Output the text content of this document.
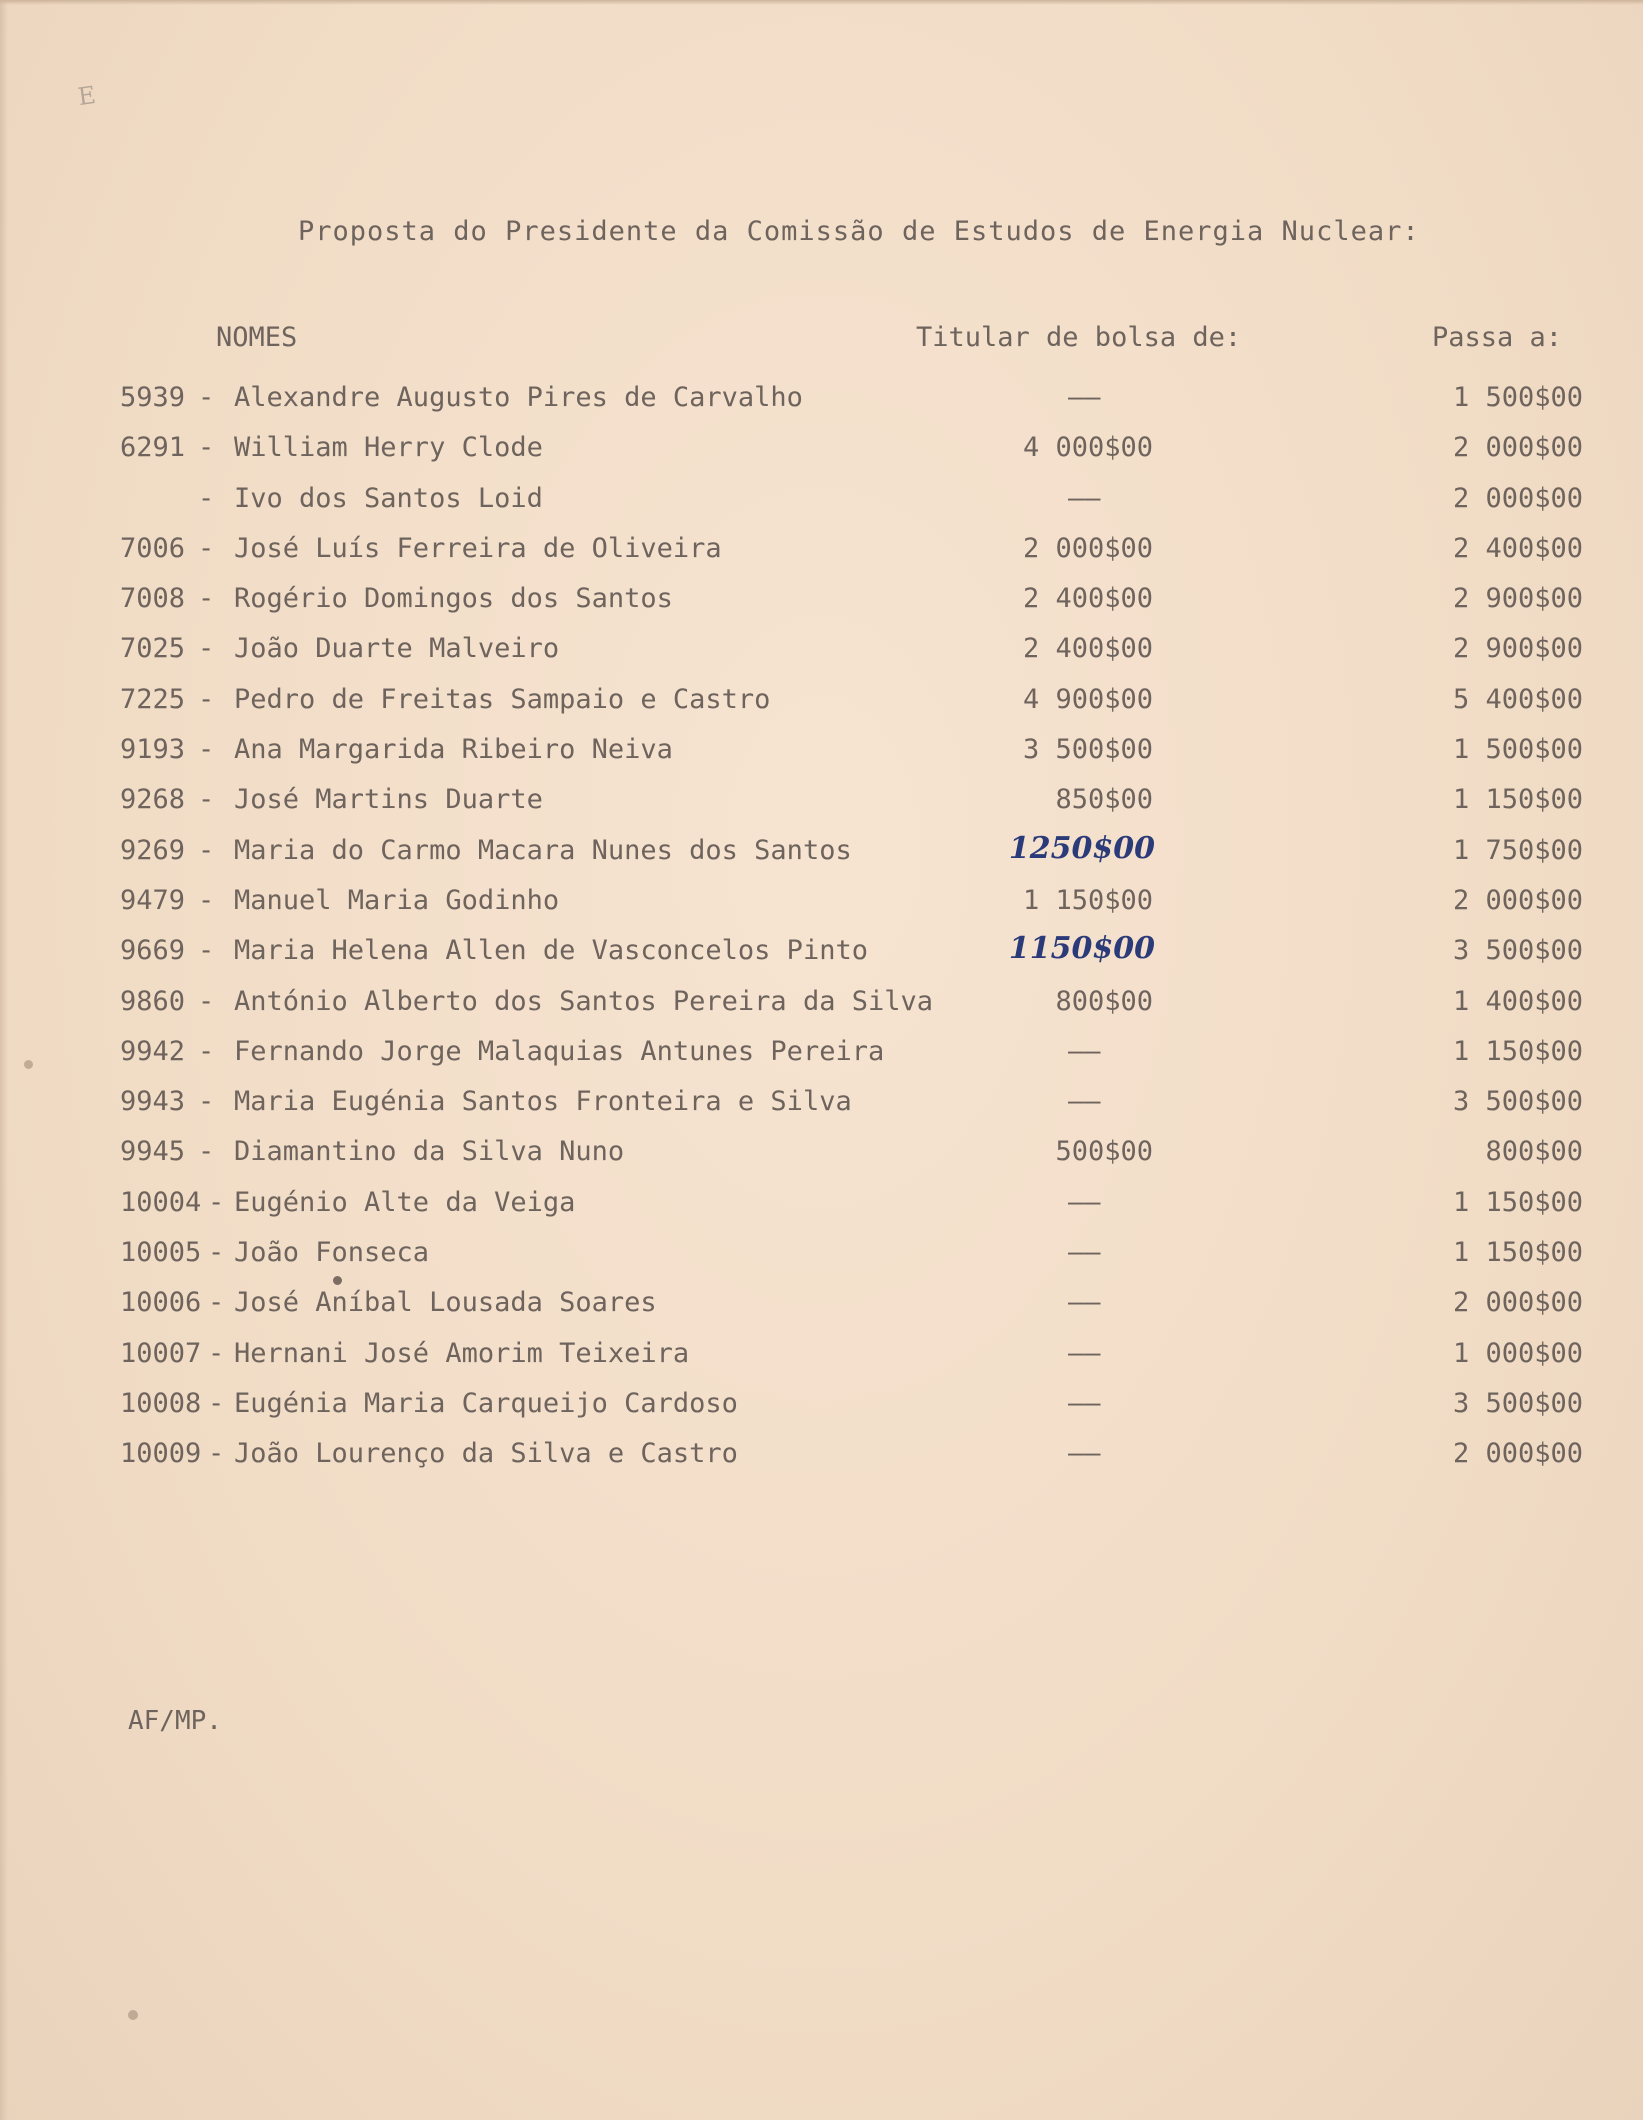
E
Proposta do Presidente da Comissão de Estudos de Energia Nuclear:
NOMES	Titular de bolsa de:	Passa a:
5939 - Alexandre Augusto Pires de Carvalho	——	1 500$00
6291 - William Herry Clode	4 000$00	2 000$00
- Ivo dos Santos Loid	——	2 000$00
7006 - José Luís Ferreira de Oliveira	2 000$00	2 400$00
7008 - Rogério Domingos dos Santos	2 400$00	2 900$00
7025 - João Duarte Malveiro	2 400$00	2 900$00
7225 - Pedro de Freitas Sampaio e Castro	4 900$00	5 400$00
9193 - Ana Margarida Ribeiro Neiva	3 500$00	1 500$00
9268 - José Martins Duarte	850$00	1 150$00
9269 - Maria do Carmo Macara Nunes dos Santos	1250$00	1 750$00
9479 - Manuel Maria Godinho	1 150$00	2 000$00
9669 - Maria Helena Allen de Vasconcelos Pinto	1150$00	3 500$00
9860 - António Alberto dos Santos Pereira da Silva	800$00	1 400$00
9942 - Fernando Jorge Malaquias Antunes Pereira	——	1 150$00
9943 - Maria Eugénia Santos Fronteira e Silva	——	3 500$00
9945 - Diamantino da Silva Nuno	500$00	800$00
10004 - Eugénio Alte da Veiga	——	1 150$00
10005 - João Fonseca	——	1 150$00
10006 - José Aníbal Lousada Soares	——	2 000$00
10007 - Hernani José Amorim Teixeira	——	1 000$00
10008 - Eugénia Maria Carqueijo Cardoso	——	3 500$00
10009 - João Lourenço da Silva e Castro	——	2 000$00
AF/MP.
